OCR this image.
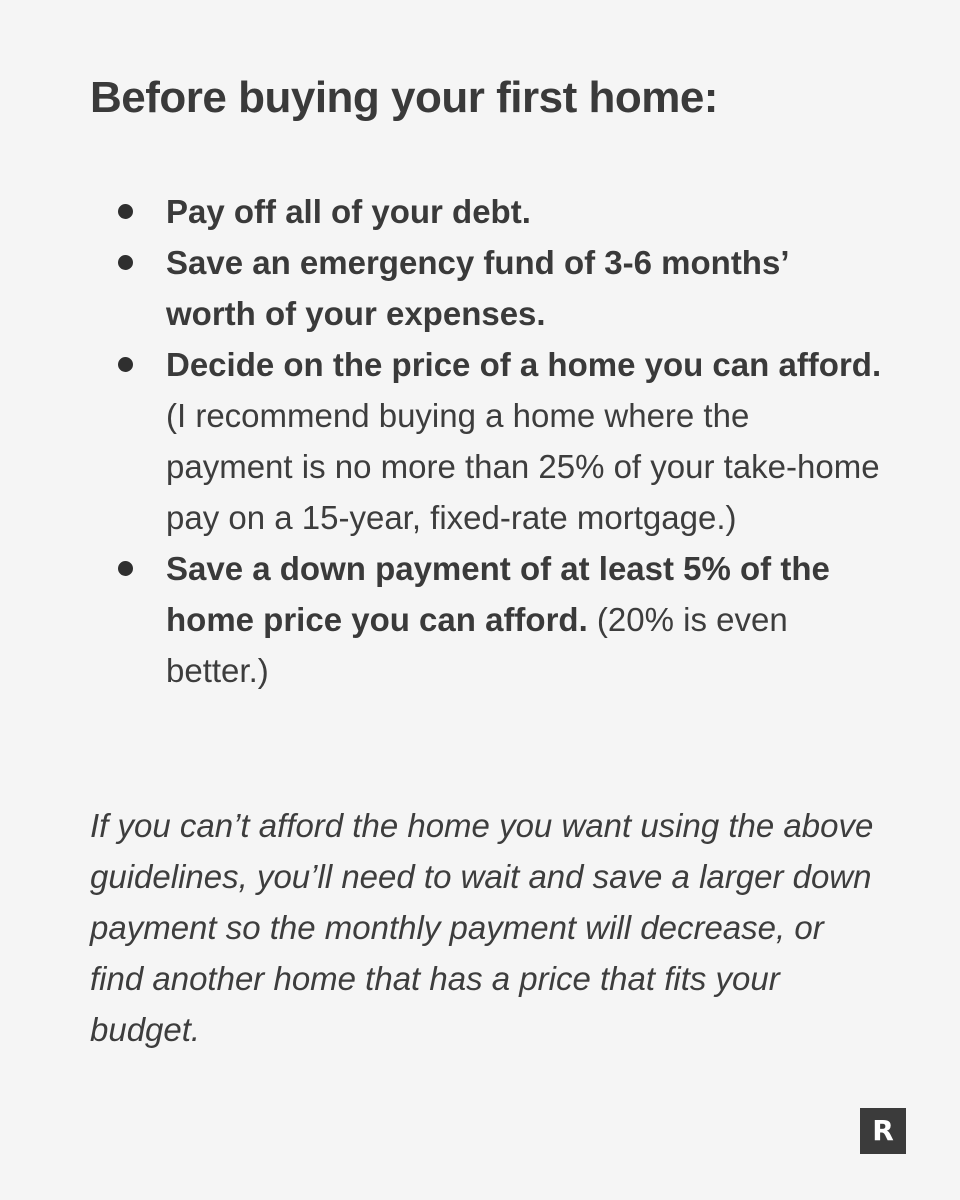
Before buying your first home:
Pay off all of your debt.
Save an emergency fund of 3-6 months’ worth of your expenses.
Decide on the price of a home you can afford. (I recommend buying a home where the payment is no more than 25% of your take-home pay on a 15-year, fixed-rate mortgage.)
Save a down payment of at least 5% of the home price you can afford. (20% is even better.)

If you can’t afford the home you want using the above guidelines, you’ll need to wait and save a larger down payment so the monthly payment will decrease, or find another home that has a price that fits your budget.

R
